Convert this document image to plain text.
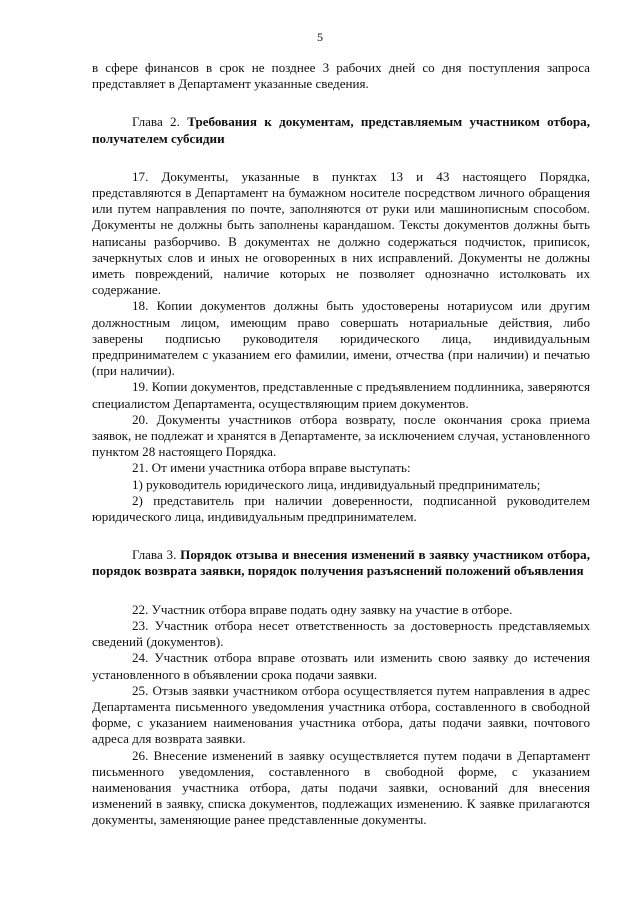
5

в сфере финансов в срок не позднее 3 рабочих дней со дня поступления запроса представляет в Департамент указанные сведения.

Глава 2. Требования к документам, представляемым участником отбора, получателем субсидии

17. Документы, указанные в пунктах 13 и 43 настоящего Порядка, представляются в Департамент на бумажном носителе посредством личного обращения или путем направления по почте, заполняются от руки или машинописным способом. Документы не должны быть заполнены карандашом. Тексты документов должны быть написаны разборчиво. В документах не должно содержаться подчисток, приписок, зачеркнутых слов и иных не оговоренных в них исправлений. Документы не должны иметь повреждений, наличие которых не позволяет однозначно истолковать их содержание.

18. Копии документов должны быть удостоверены нотариусом или другим должностным лицом, имеющим право совершать нотариальные действия, либо заверены подписью руководителя юридического лица, индивидуальным предпринимателем с указанием его фамилии, имени, отчества (при наличии) и печатью (при наличии).

19. Копии документов, представленные с предъявлением подлинника, заверяются специалистом Департамента, осуществляющим прием документов.

20. Документы участников отбора возврату, после окончания срока приема заявок, не подлежат и хранятся в Департаменте, за исключением случая, установленного пунктом 28 настоящего Порядка.

21. От имени участника отбора вправе выступать:

1) руководитель юридического лица, индивидуальный предприниматель;

2) представитель при наличии доверенности, подписанной руководителем юридического лица, индивидуальным предпринимателем.

Глава 3. Порядок отзыва и внесения изменений в заявку участником отбора, порядок возврата заявки, порядок получения разъяснений положений объявления

22. Участник отбора вправе подать одну заявку на участие в отборе.

23. Участник отбора несет ответственность за достоверность представляемых сведений (документов).

24. Участник отбора вправе отозвать или изменить свою заявку до истечения установленного в объявлении срока подачи заявки.

25. Отзыв заявки участником отбора осуществляется путем направления в адрес Департамента письменного уведомления участника отбора, составленного в свободной форме, с указанием наименования участника отбора, даты подачи заявки, почтового адреса для возврата заявки.

26. Внесение изменений в заявку осуществляется путем подачи в Департамент письменного уведомления, составленного в свободной форме, с указанием наименования участника отбора, даты подачи заявки, оснований для внесения изменений в заявку, списка документов, подлежащих изменению. К заявке прилагаются документы, заменяющие ранее представленные документы.
